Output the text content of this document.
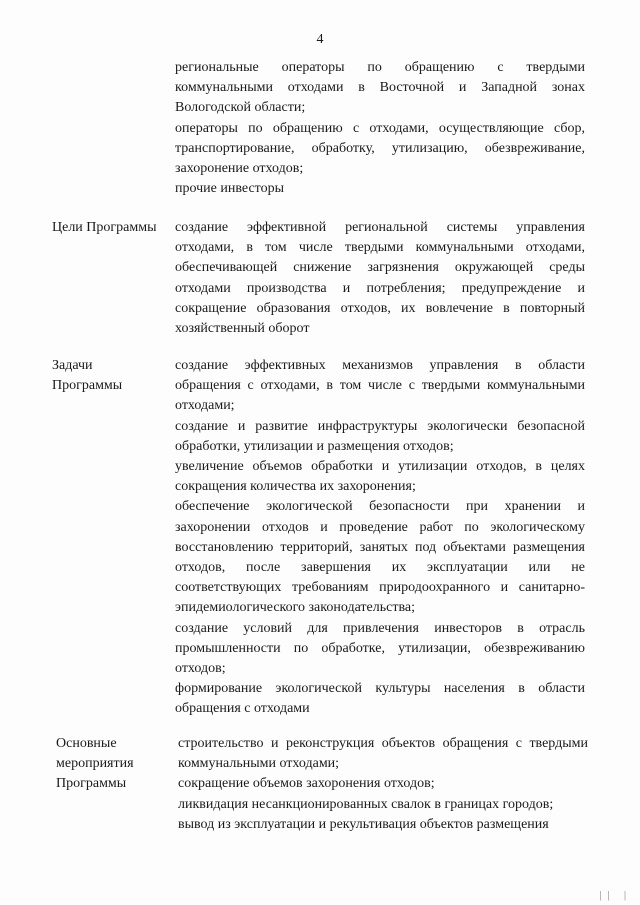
4
региональные операторы по обращению с твердыми коммунальными отходами в Восточной и Западной зонах Вологодской области;
операторы по обращению с отходами, осуществляющие сбор, транспортирование, обработку, утилизацию, обезвреживание, захоронение отходов;
прочие инвесторы
Цели Программы создание эффективной региональной системы управления отходами, в том числе твердыми коммунальными отходами, обеспечивающей снижение загрязнения окружающей среды отходами производства и потребления; предупреждение и сокращение образования отходов, их вовлечение в повторный хозяйственный оборот
Задачи
Программы
создание эффективных механизмов управления в области обращения с отходами, в том числе с твердыми коммунальными отходами;
создание и развитие инфраструктуры экологически безопасной обработки, утилизации и размещения отходов;
увеличение объемов обработки и утилизации отходов, в целях сокращения количества их захоронения;
обеспечение экологической безопасности при хранении и захоронении отходов и проведение работ по экологическому восстановлению территорий, занятых под объектами размещения отходов, после завершения их эксплуатации или не соответствующих требованиям природоохранного и санитарно-эпидемиологического законодательства;
создание условий для привлечения инвесторов в отрасль промышленности по обработке, утилизации, обезвреживанию отходов;
формирование экологической культуры населения в области обращения с отходами
Основные
мероприятия
Программы
строительство и реконструкция объектов обращения с твердыми коммунальными отходами;
сокращение объемов захоронения отходов;
ликвидация несанкционированных свалок в границах городов;
вывод из эксплуатации и рекультивация объектов размещения
|| |
